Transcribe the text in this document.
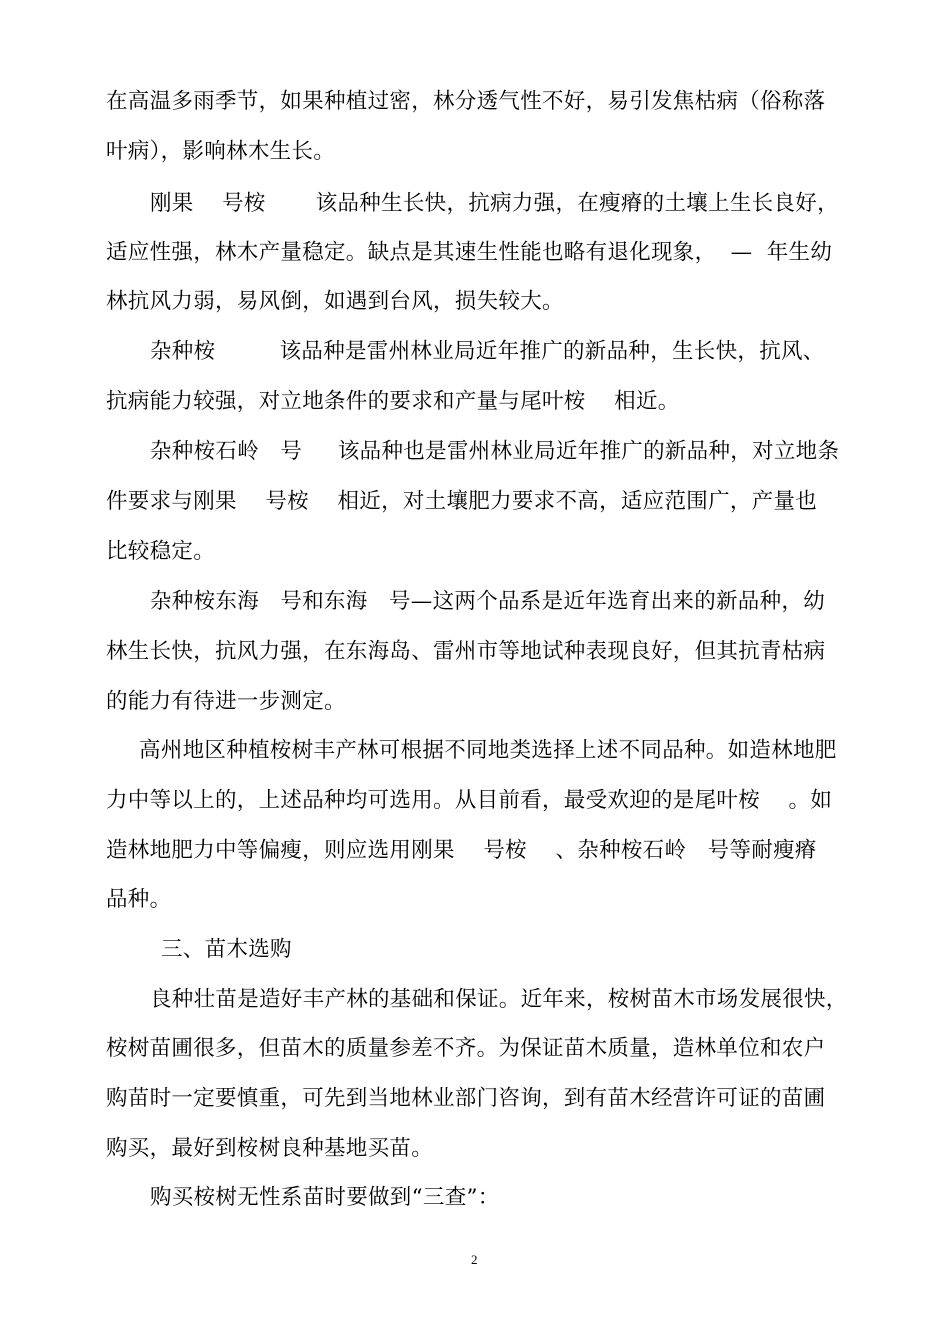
在高温多雨季节，如果种植过密，林分透气性不好，易引发焦枯病（俗称落
叶病），影响林木生长。
刚果    号桉       该品种生长快，抗病力强，在瘦瘠的土壤上生长良好，
适应性强，林木产量稳定。缺点是其速生性能也略有退化现象，  —  年生幼
林抗风力弱，易风倒，如遇到台风，损失较大。
杂种桉         该品种是雷州林业局近年推广的新品种，生长快，抗风、
抗病能力较强，对立地条件的要求和产量与尾叶桉    相近。
杂种桉石岭   号     该品种也是雷州林业局近年推广的新品种，对立地条
件要求与刚果    号桉    相近，对土壤肥力要求不高，适应范围广，产量也
比较稳定。
杂种桉东海   号和东海   号—这两个品系是近年选育出来的新品种，幼
林生长快，抗风力强，在东海岛、雷州市等地试种表现良好，但其抗青枯病
的能力有待进一步测定。
高州地区种植桉树丰产林可根据不同地类选择上述不同品种。如造林地肥
力中等以上的，上述品种均可选用。从目前看，最受欢迎的是尾叶桉    。如
造林地肥力中等偏瘦，则应选用刚果    号桉    、杂种桉石岭   号等耐瘦瘠
品种。
三、苗木选购
良种壮苗是造好丰产林的基础和保证。近年来，桉树苗木市场发展很快，
桉树苗圃很多，但苗木的质量参差不齐。为保证苗木质量，造林单位和农户
购苗时一定要慎重，可先到当地林业部门咨询，到有苗木经营许可证的苗圃
购买，最好到桉树良种基地买苗。
购买桉树无性系苗时要做到“三查”：
2
